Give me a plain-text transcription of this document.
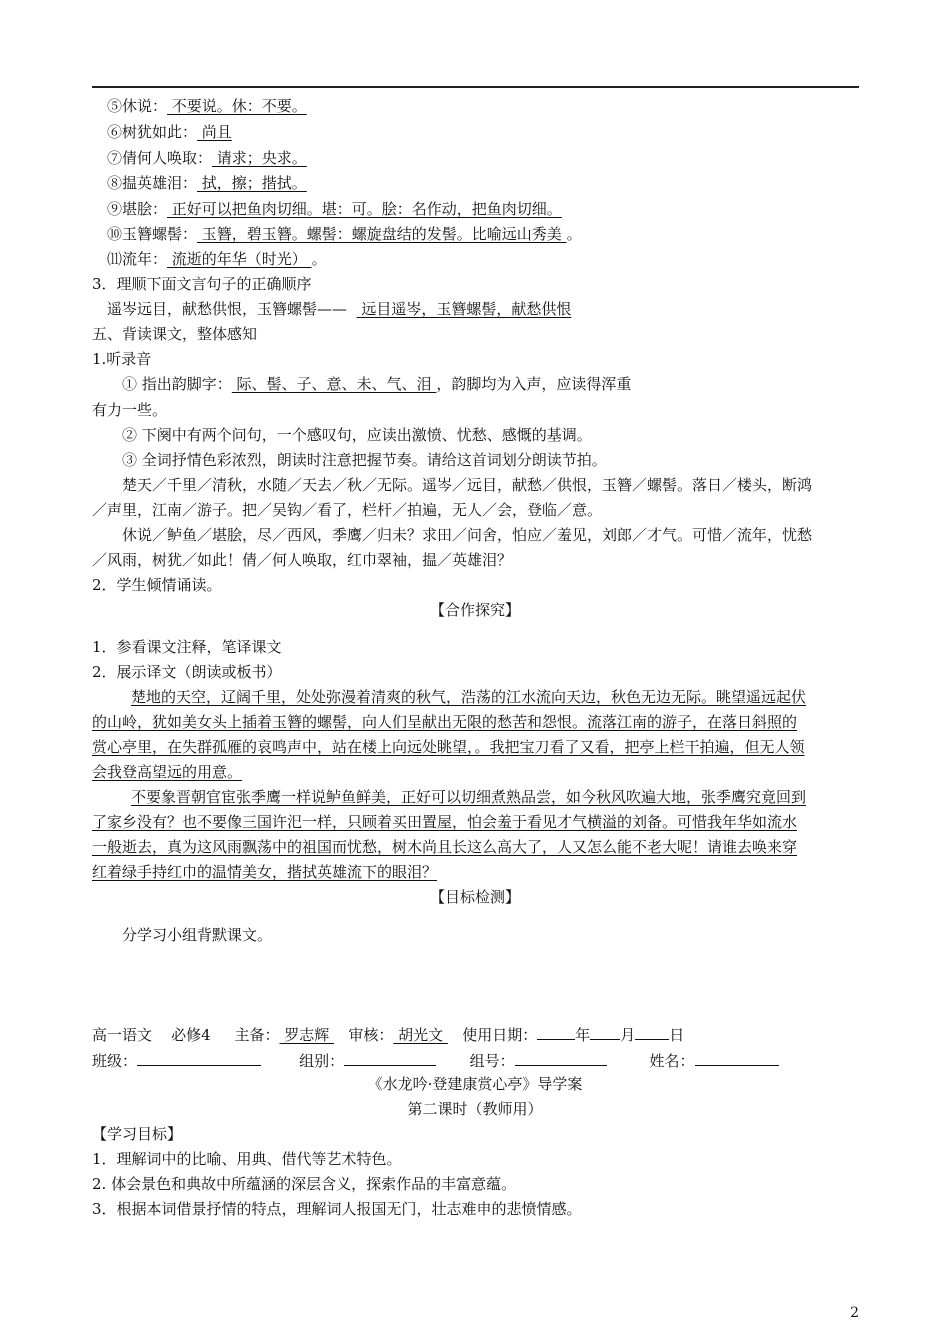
⑤休说： 不要说。休：不要。
⑥树犹如此： 尚且
⑦倩何人唤取： 请求；央求。
⑧揾英雄泪： 拭，擦；揩拭。
⑨堪脍： 正好可以把鱼肉切细。堪：可。脍：名作动，把鱼肉切细。
⑩玉簪螺髻： 玉簪，碧玉簪。螺髻：螺旋盘结的发髻。比喻远山秀美 。
⑾流年： 流逝的年华（时光） 。
3．理顺下面文言句子的正确顺序
遥岑远目，献愁供恨，玉簪螺髻——   远目遥岑，玉簪螺髻，献愁供恨
五、背读课文，整体感知
1.听录音
① 指出韵脚字： 际、髻、子、意、未、气、泪 ，韵脚均为入声，应读得浑重
有力一些。
② 下阕中有两个问句，一个感叹句，应读出激愤、忧愁、感慨的基调。
③ 全词抒情色彩浓烈，朗读时注意把握节奏。请给这首词划分朗读节拍。
楚天／千里／清秋，水随／天去／秋／无际。遥岑／远目，献愁／供恨，玉簪／螺髻。落日／楼头，断鸿
／声里，江南／游子。把／吴钩／看了，栏杆／拍遍，无人／会，登临／意。
休说／鲈鱼／堪脍，尽／西风，季鹰／归未？求田／问舍，怕应／羞见，刘郎／才气。可惜／流年，忧愁
／风雨，树犹／如此！倩／何人唤取，红巾翠袖，揾／英雄泪？
2．学生倾情诵读。
【合作探究】
1．参看课文注释，笔译课文
2．展示译文（朗读或板书）
楚地的天空，辽阔千里，处处弥漫着清爽的秋气，浩荡的江水流向天边，秋色无边无际。眺望遥远起伏
的山岭，犹如美女头上插着玉簪的螺髻，向人们呈献出无限的愁苦和怨恨。流落江南的游子，在落日斜照的
赏心亭里，在失群孤雁的哀鸣声中，站在楼上向远处眺望，。我把宝刀看了又看，把亭上栏干拍遍，但无人领
会我登高望远的用意。
不要象晋朝官宦张季鹰一样说鲈鱼鲜美，正好可以切细煮熟品尝，如今秋风吹遍大地，张季鹰究竟回到
了家乡没有？也不要像三国许汜一样，只顾着买田置屋，怕会羞于看见才气横溢的刘备。可惜我年华如流水
一般逝去，真为这风雨飘荡中的祖国而忧愁，树木尚且长这么高大了，人又怎么能不老大呢！请谁去唤来穿
红着绿手持红巾的温情美女，揩拭英雄流下的眼泪？
【目标检测】
分学习小组背默课文。
高一语文 必修4 主备： 罗志辉    审核： 胡光文    使用日期：	年 月 日
班级：	组别：	组号：	姓名：
《水龙吟·登建康赏心亭》导学案
第二课时（教师用）
【学习目标】
1．理解词中的比喻、用典、借代等艺术特色。
2. 体会景色和典故中所蕴涵的深层含义，探索作品的丰富意蕴。
3．根据本词借景抒情的特点，理解词人报国无门，壮志难申的悲愤情感。
2
